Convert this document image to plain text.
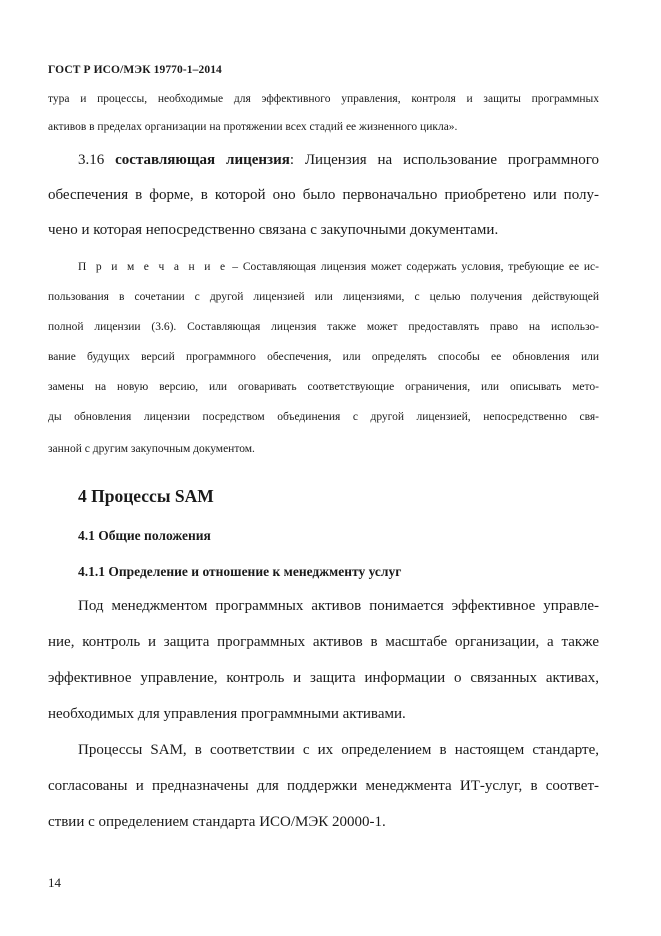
ГОСТ Р ИСО/МЭК 19770-1–2014
тура и процессы, необходимые для эффективного управления, контроля и защиты программных
активов в пределах организации на протяжении всех стадий ее жизненного цикла».
3.16 составляющая лицензия: Лицензия на использование программного
обеспечения в форме, в которой оно было первоначально приобретено или полу-
чено и которая непосредственно связана с закупочными документами.
П р и м е ч а н и е – Составляющая лицензия может содержать условия, требующие ее ис-
пользования в сочетании с другой лицензией или лицензиями, с целью получения действующей
полной лицензии (3.6). Составляющая лицензия также может предоставлять право на использо-
вание будущих версий программного обеспечения, или определять способы ее обновления или
замены на новую версию, или оговаривать соответствующие ограничения, или описывать мето-
ды обновления лицензии посредством объединения с другой лицензией, непосредственно свя-
занной с другим закупочным документом.
4 Процессы SAM
4.1 Общие положения
4.1.1 Определение и отношение к менеджменту услуг
Под менеджментом программных активов понимается эффективное управле-
ние, контроль и защита программных активов в масштабе организации, а также
эффективное управление, контроль и защита информации о связанных активах,
необходимых для управления программными активами.
Процессы SAM, в соответствии с их определением в настоящем стандарте,
согласованы и предназначены для поддержки менеджмента ИТ-услуг, в соответ-
ствии с определением стандарта ИСО/МЭК 20000-1.
14
